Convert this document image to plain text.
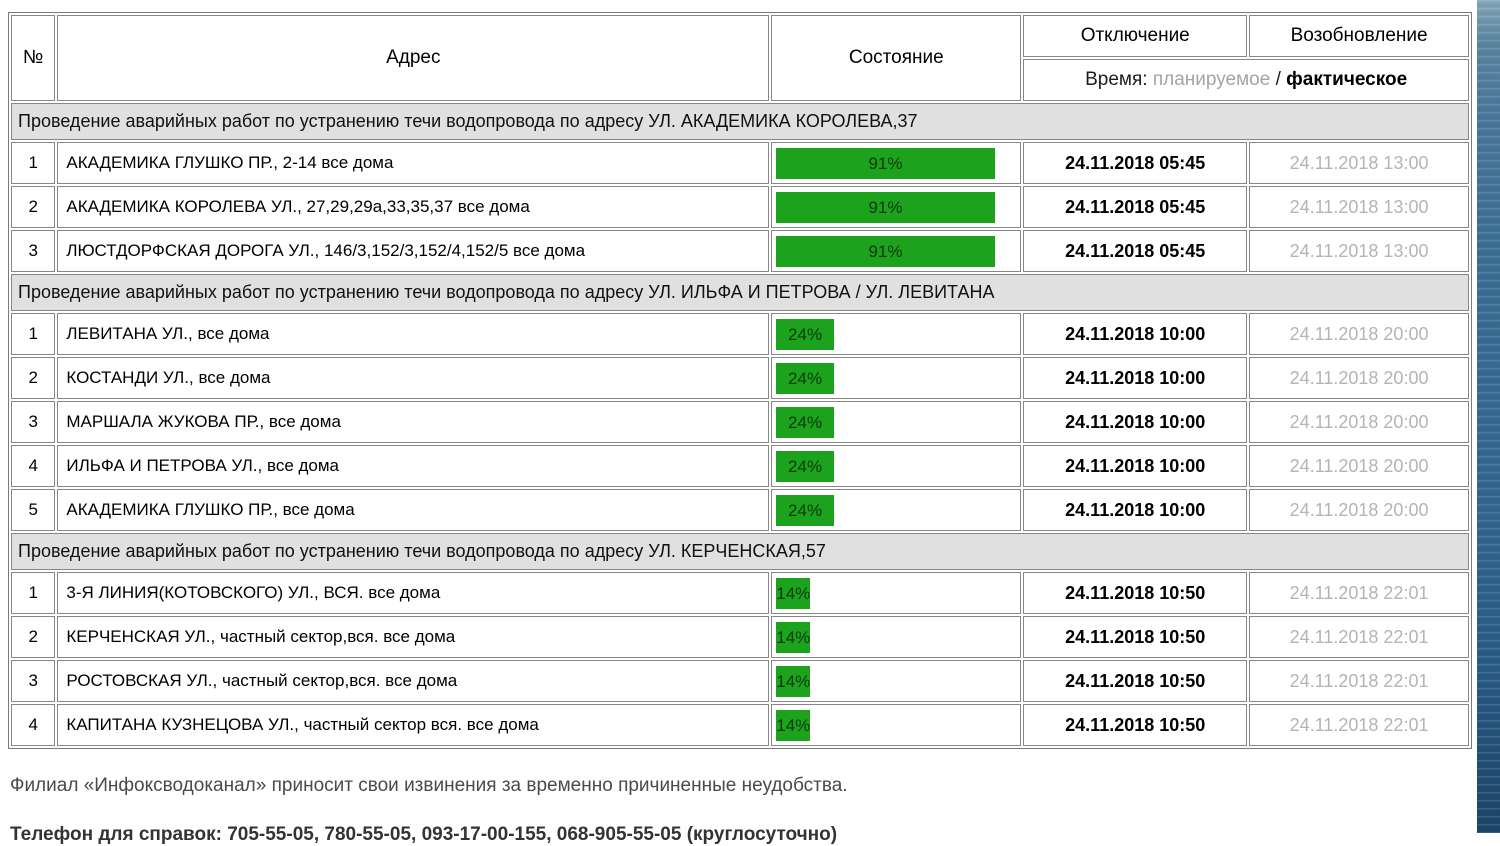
№	Адрес	Состояние	Отключение	Возобновление
			Время: планируемое / фактическое	
Проведение аварийных работ по устранению течи водопровода по адресу УЛ. АКАДЕМИКА КОРОЛЕВА,37				
1	АКАДЕМИКА ГЛУШКО ПР., 2-14 все дома	91%	24.11.2018 05:45	24.11.2018 13:00
2	АКАДЕМИКА КОРОЛЕВА УЛ., 27,29,29а,33,35,37 все дома	91%	24.11.2018 05:45	24.11.2018 13:00
3	ЛЮСТДОРФСКАЯ ДОРОГА УЛ., 146/3,152/3,152/4,152/5 все дома	91%	24.11.2018 05:45	24.11.2018 13:00
Проведение аварийных работ по устранению течи водопровода по адресу УЛ. ИЛЬФА И ПЕТРОВА / УЛ. ЛЕВИТАНА				
1	ЛЕВИТАНА УЛ., все дома	24%	24.11.2018 10:00	24.11.2018 20:00
2	КОСТАНДИ УЛ., все дома	24%	24.11.2018 10:00	24.11.2018 20:00
3	МАРШАЛА ЖУКОВА ПР., все дома	24%	24.11.2018 10:00	24.11.2018 20:00
4	ИЛЬФА И ПЕТРОВА УЛ., все дома	24%	24.11.2018 10:00	24.11.2018 20:00
5	АКАДЕМИКА ГЛУШКО ПР., все дома	24%	24.11.2018 10:00	24.11.2018 20:00
Проведение аварийных работ по устранению течи водопровода по адресу УЛ. КЕРЧЕНСКАЯ,57				
1	3-Я ЛИНИЯ(КОТОВСКОГО) УЛ., ВСЯ. все дома	14%	24.11.2018 10:50	24.11.2018 22:01
2	КЕРЧЕНСКАЯ УЛ., частный сектор,вся. все дома	14%	24.11.2018 10:50	24.11.2018 22:01
3	РОСТОВСКАЯ УЛ., частный сектор,вся. все дома	14%	24.11.2018 10:50	24.11.2018 22:01
4	КАПИТАНА КУЗНЕЦОВА УЛ., частный сектор вся. все дома	14%	24.11.2018 10:50	24.11.2018 22:01

Филиал «Инфоксводоканал» приносит свои извинения за временно причиненные неудобства.

Телефон для справок: 705-55-05, 780-55-05, 093-17-00-155, 068-905-55-05 (круглосуточно)
